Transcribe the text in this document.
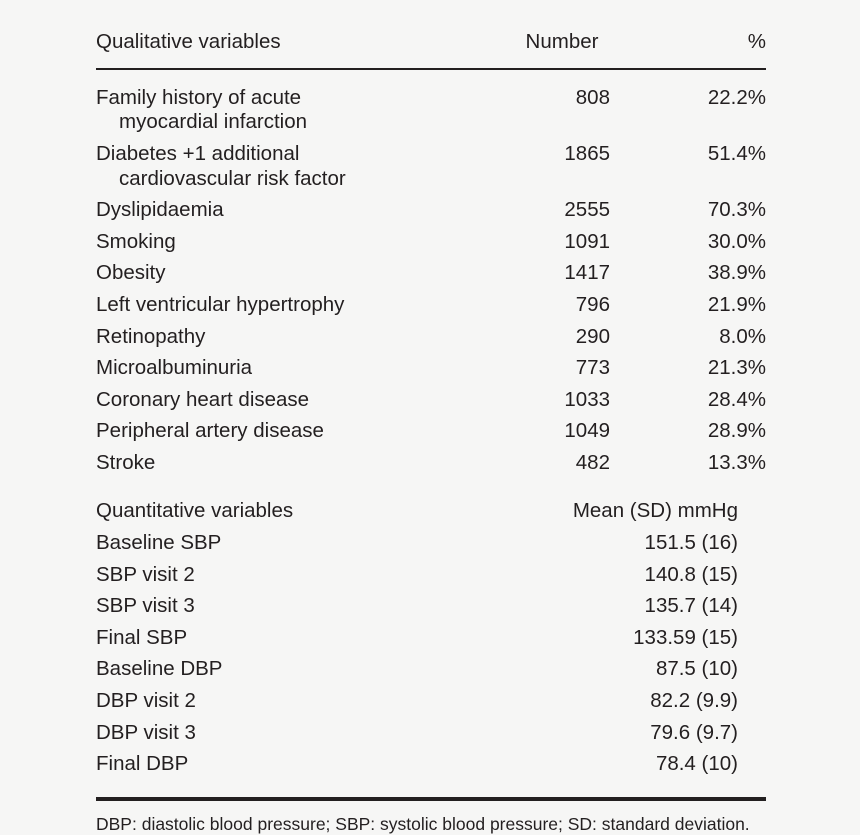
Qualitative variables	Number	%
Family history of acute
myocardial infarction	808	22.2%
Diabetes +1 additional
cardiovascular risk factor	1865	51.4%
Dyslipidaemia	2555	70.3%
Smoking	1091	30.0%
Obesity	1417	38.9%
Left ventricular hypertrophy	796	21.9%
Retinopathy	290	8.0%
Microalbuminuria	773	21.3%
Coronary heart disease	1033	28.4%
Peripheral artery disease	1049	28.9%
Stroke	482	13.3%

Quantitative variables	Mean (SD) mmHg	
Baseline SBP	151.5 (16)	
SBP visit 2	140.8 (15)	
SBP visit 3	135.7 (14)	
Final SBP	133.59 (15)	
Baseline DBP	87.5 (10)	
DBP visit 2	82.2 (9.9)	
DBP visit 3	79.6 (9.7)	
Final DBP	78.4 (10)	
DBP: diastolic blood pressure; SBP: systolic blood pressure; SD: standard deviation.
